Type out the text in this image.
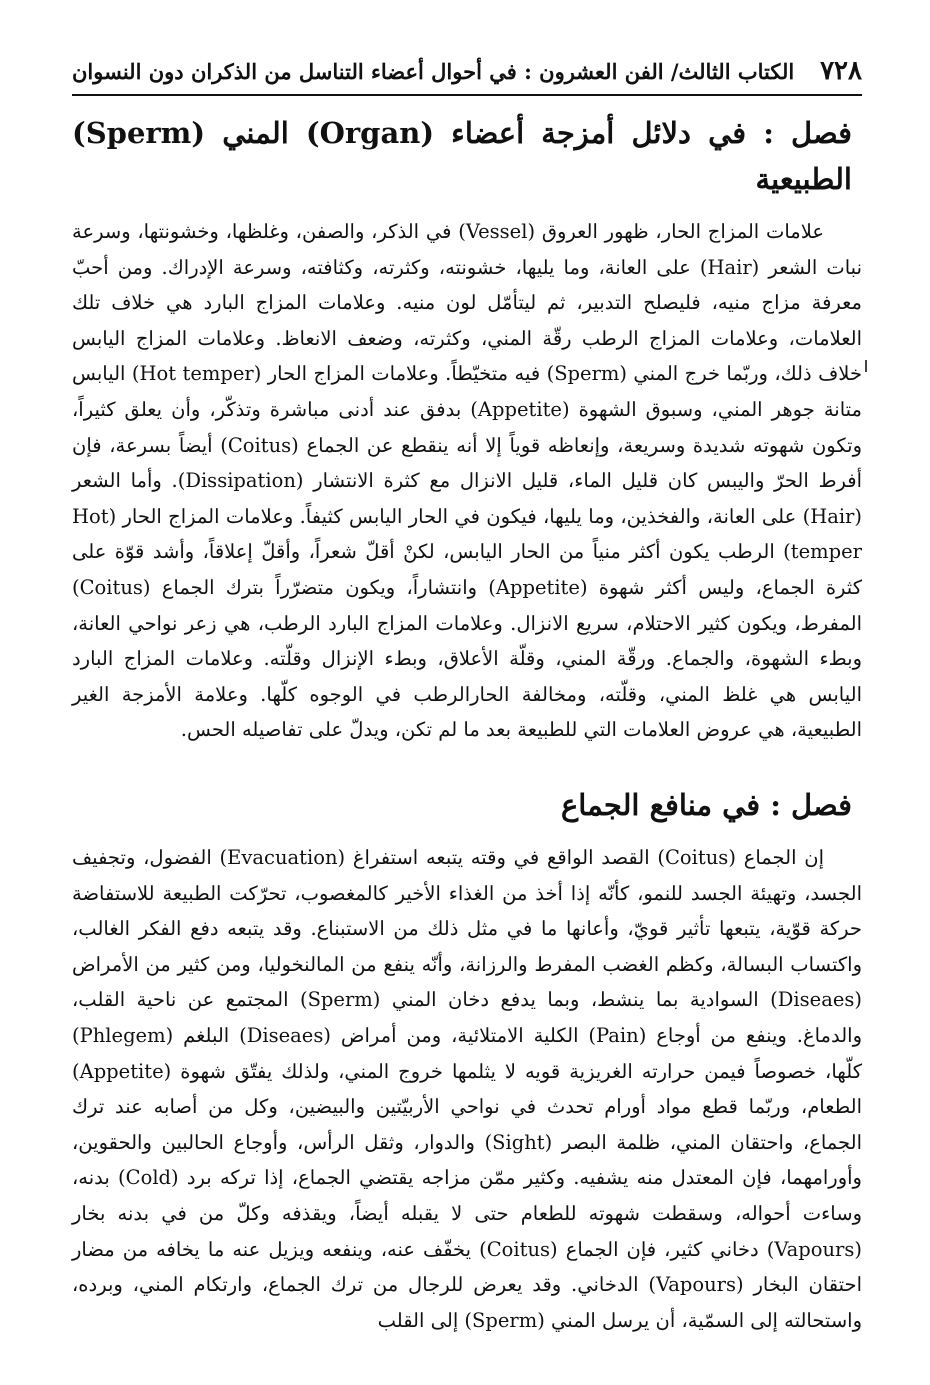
٧٢٨
الكتاب الثالث/ الفن العشرون : في أحوال أعضاء التناسل من الذكران دون النسوان
فصل : في دلائل أمزجة أعضاء (Organ) المني (Sperm) الطبيعية

علامات المزاج الحار، ظهور العروق (Vessel) في الذكر، والصفن، وغلظها، وخشونتها، وسرعة نبات الشعر (Hair) على العانة، وما يليها، خشونته، وكثرته، وكثافته، وسرعة الإدراك. ومن أحبّ معرفة مزاج منيه، فليصلح التدبير، ثم ليتأمّل لون منيه. وعلامات المزاج البارد هي خلاف تلك العلامات، وعلامات المزاج الرطب رقّة المني، وكثرته، وضعف الانعاظ. وعلامات المزاج اليابس خلاف ذلك، وربّما خرج المني (Sperm) فيه متخيّطاً. وعلامات المزاج الحار (Hot temper) اليابس متانة جوهر المني، وسبوق الشهوة (Appetite) بدفق عند أدنى مباشرة وتذكّر، وأن يعلق كثيراً، وتكون شهوته شديدة وسريعة، وإنعاظه قوياً إلا أنه ينقطع عن الجماع (Coitus) أيضاً بسرعة، فإن أفرط الحرّ واليبس كان قليل الماء، قليل الانزال مع كثرة الانتشار (Dissipation). وأما الشعر (Hair) على العانة، والفخذين، وما يليها، فيكون في الحار اليابس كثيفاً. وعلامات المزاج الحار (Hot temper) الرطب يكون أكثر منياً من الحار اليابس، لكنْ أقلّ شعراً، وأقلّ إعلاقاً، وأشد قوّة على كثرة الجماع، وليس أكثر شهوة (Appetite) وانتشاراً، ويكون متضرّراً بترك الجماع (Coitus) المفرط، ويكون كثير الاحتلام، سريع الانزال. وعلامات المزاج البارد الرطب، هي زعر نواحي العانة، وبطء الشهوة، والجماع. ورقّة المني، وقلّة الأعلاق، وبطء الإنزال وقلّته. وعلامات المزاج البارد اليابس هي غلظ المني، وقلّته، ومخالفة الحارالرطب في الوجوه كلّها. وعلامة الأمزجة الغير الطبيعية، هي عروض العلامات التي للطبيعة بعد ما لم تكن، ويدلّ على تفاصيله الحس.

فصل : في منافع الجماع

إن الجماع (Coitus) القصد الواقع في وقته يتبعه استفراغ (Evacuation) الفضول، وتجفيف الجسد، وتهيئة الجسد للنمو، كأنّه إذا أخذ من الغذاء الأخير كالمغصوب، تحرّكت الطبيعة للاستفاضة حركة قوّية، يتبعها تأثير قويّ، وأعانها ما في مثل ذلك من الاستبناع. وقد يتبعه دفع الفكر الغالب، واكتساب البسالة، وكظم الغضب المفرط والرزانة، وأنّه ينفع من المالنخوليا، ومن كثير من الأمراض (Diseaes) السوادية بما ينشط، وبما يدفع دخان المني (Sperm) المجتمع عن ناحية القلب، والدماغ. وينفع من أوجاع (Pain) الكلية الامتلائية، ومن أمراض (Diseaes) البلغم (Phlegem) كلّها، خصوصاً فيمن حرارته الغريزية قويه لا يثلمها خروج المني، ولذلك يفتّق شهوة (Appetite) الطعام، وربّما قطع مواد أورام تحدث في نواحي الأربيّتين والبيضين، وكل من أصابه عند ترك الجماع، واحتقان المني، ظلمة البصر (Sight) والدوار، وثقل الرأس، وأوجاع الحالبين والحقوين، وأورامهما، فإن المعتدل منه يشفيه. وكثير ممّن مزاجه يقتضي الجماع، إذا تركه برد (Cold) بدنه، وساءت أحواله، وسقطت شهوته للطعام حتى لا يقبله أيضاً، ويقذفه وكلّ من في بدنه بخار (Vapours) دخاني كثير، فإن الجماع (Coitus) يخفّف عنه، وينفعه ويزيل عنه ما يخافه من مضار احتقان البخار (Vapours) الدخاني. وقد يعرض للرجال من ترك الجماع، وارتكام المني، وبرده، واستحالته إلى السمّية، أن يرسل المني (Sperm) إلى القلب
